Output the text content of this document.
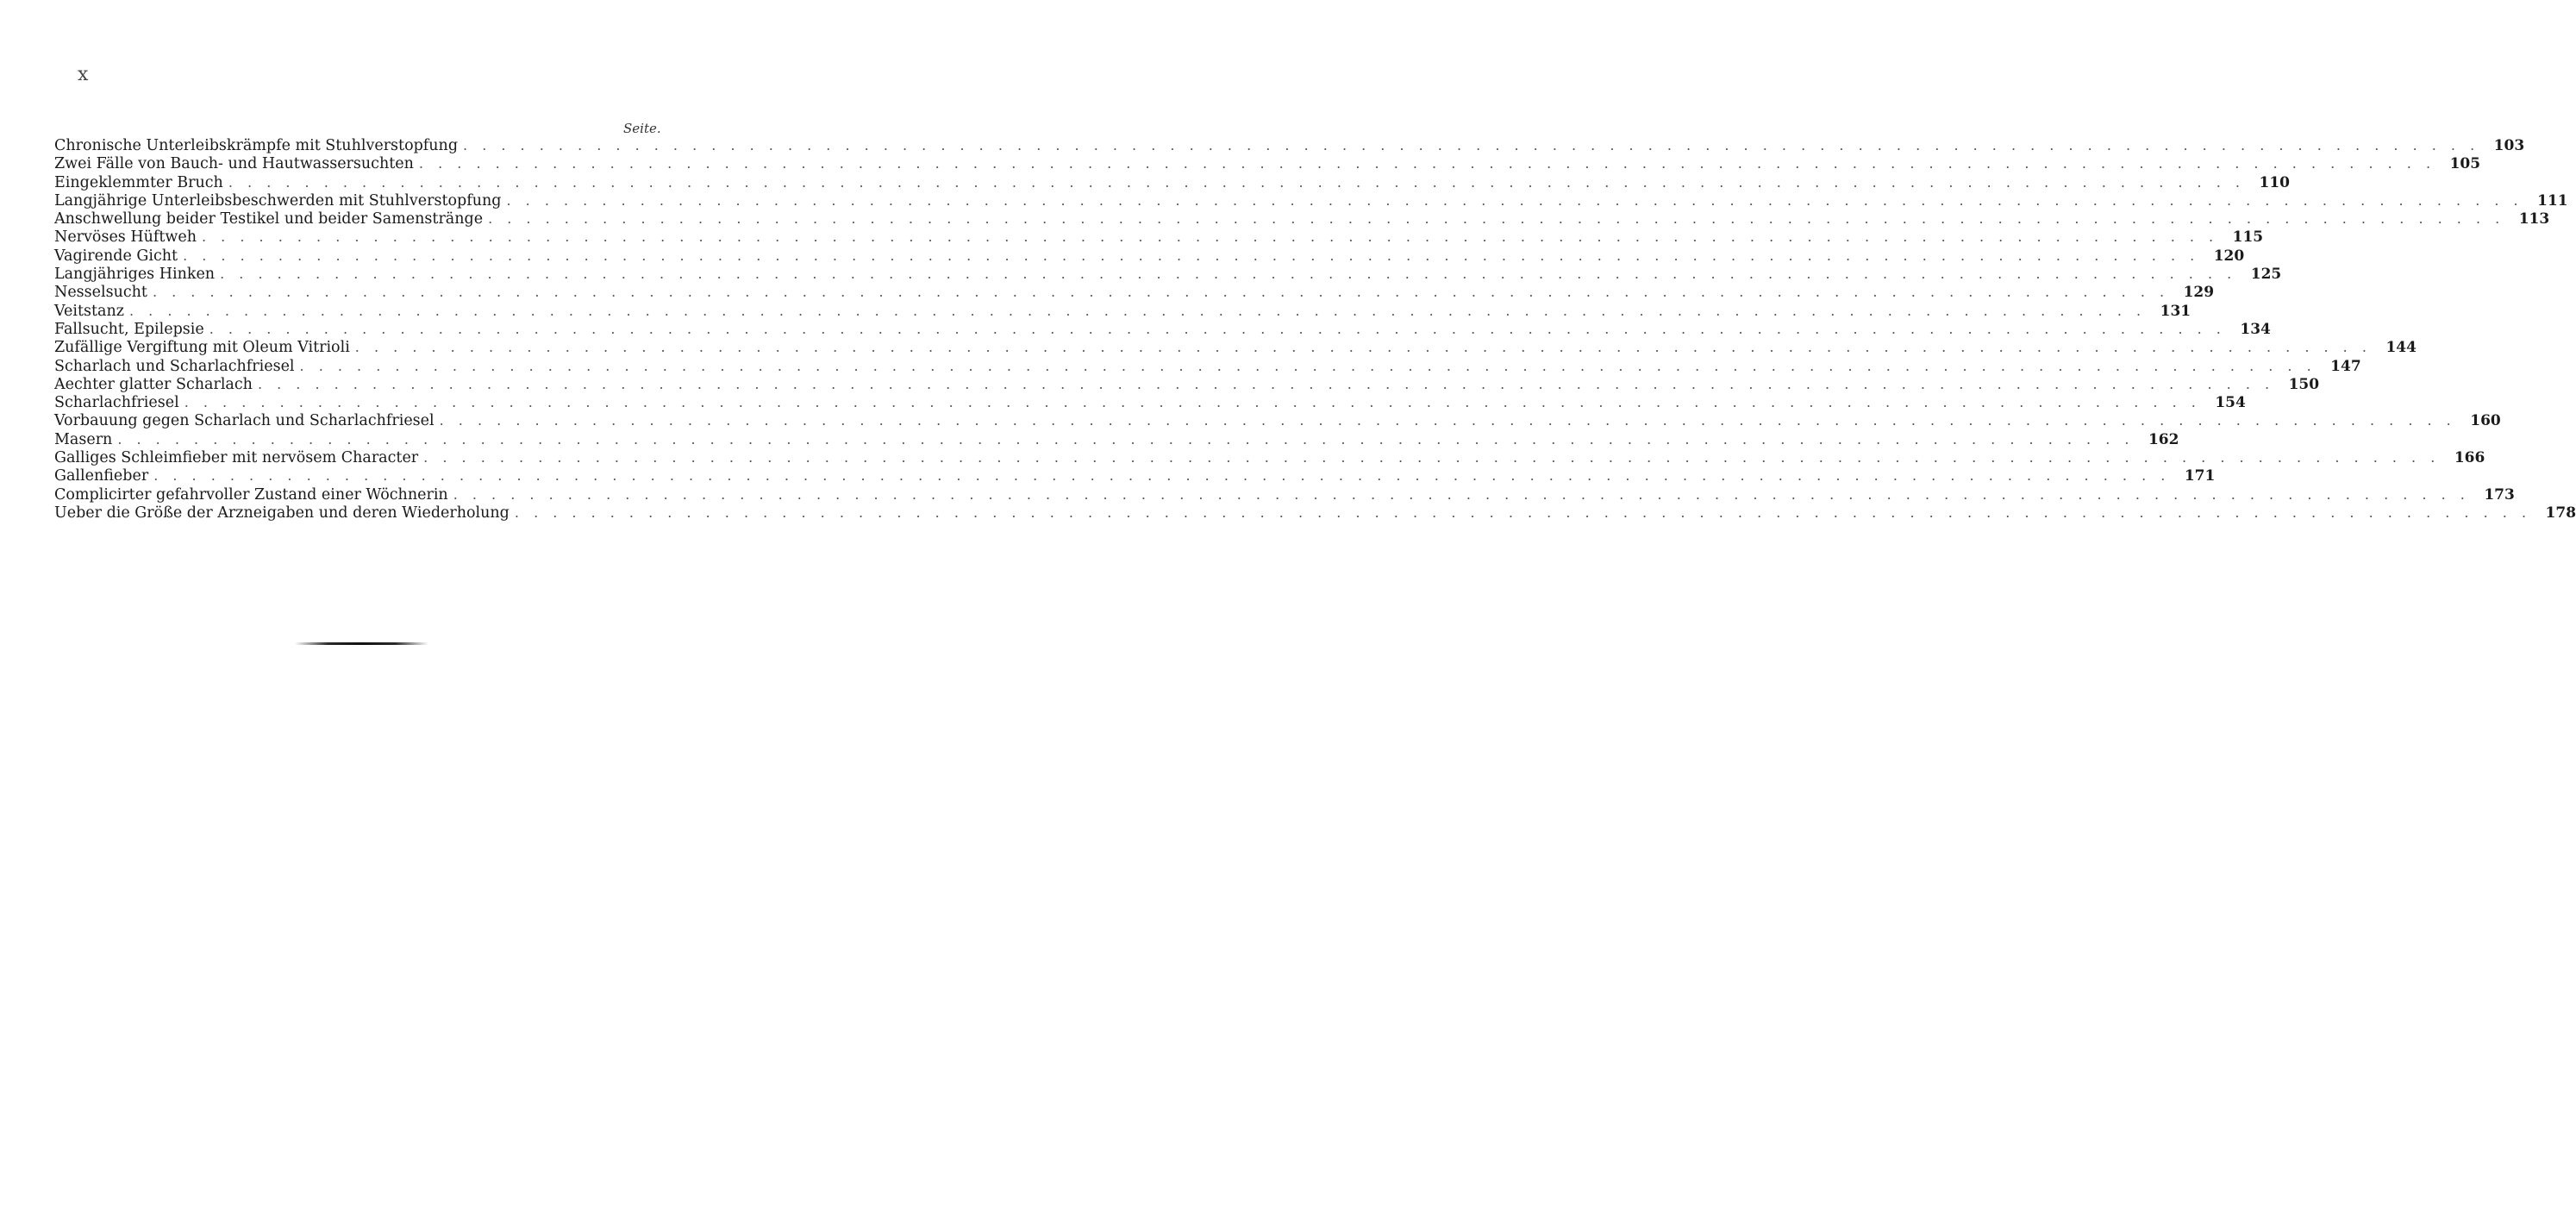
x
Seite.
Chronische Unterleibskrämpfe mit Stuhlverstopfung . . .	103
Zwei Fälle von Bauch- und Hautwassersuchten . . .	105
Eingeklemmter Bruch . . .	110
Langjährige Unterleibsbeschwerden mit Stuhlverstopfung . . .	111
Anschwellung beider Testikel und beider Samenstränge . . .	113
Nervöses Hüftweh . . .	115
Vagirende Gicht . . .	120
Langjähriges Hinken . . .	125
Nesselsucht . . .	129
Veitstanz . . .	131
Fallsucht, Epilepsie . . .	134
Zufällige Vergiftung mit Oleum Vitrioli . . .	144
Scharlach und Scharlachfriesel . . .	147
Aechter glatter Scharlach . . .	150
Scharlachfriesel . . .	154
Vorbauung gegen Scharlach und Scharlachfriesel . . .	160
Masern . . .	162
Galliges Schleimfieber mit nervösem Character . . .	166
Gallenfieber . . .	171
Complicirter gefahrvoller Zustand einer Wöchnerin . . .	173
Ueber die Größe der Arzneigaben und deren Wiederholung . . .	178
